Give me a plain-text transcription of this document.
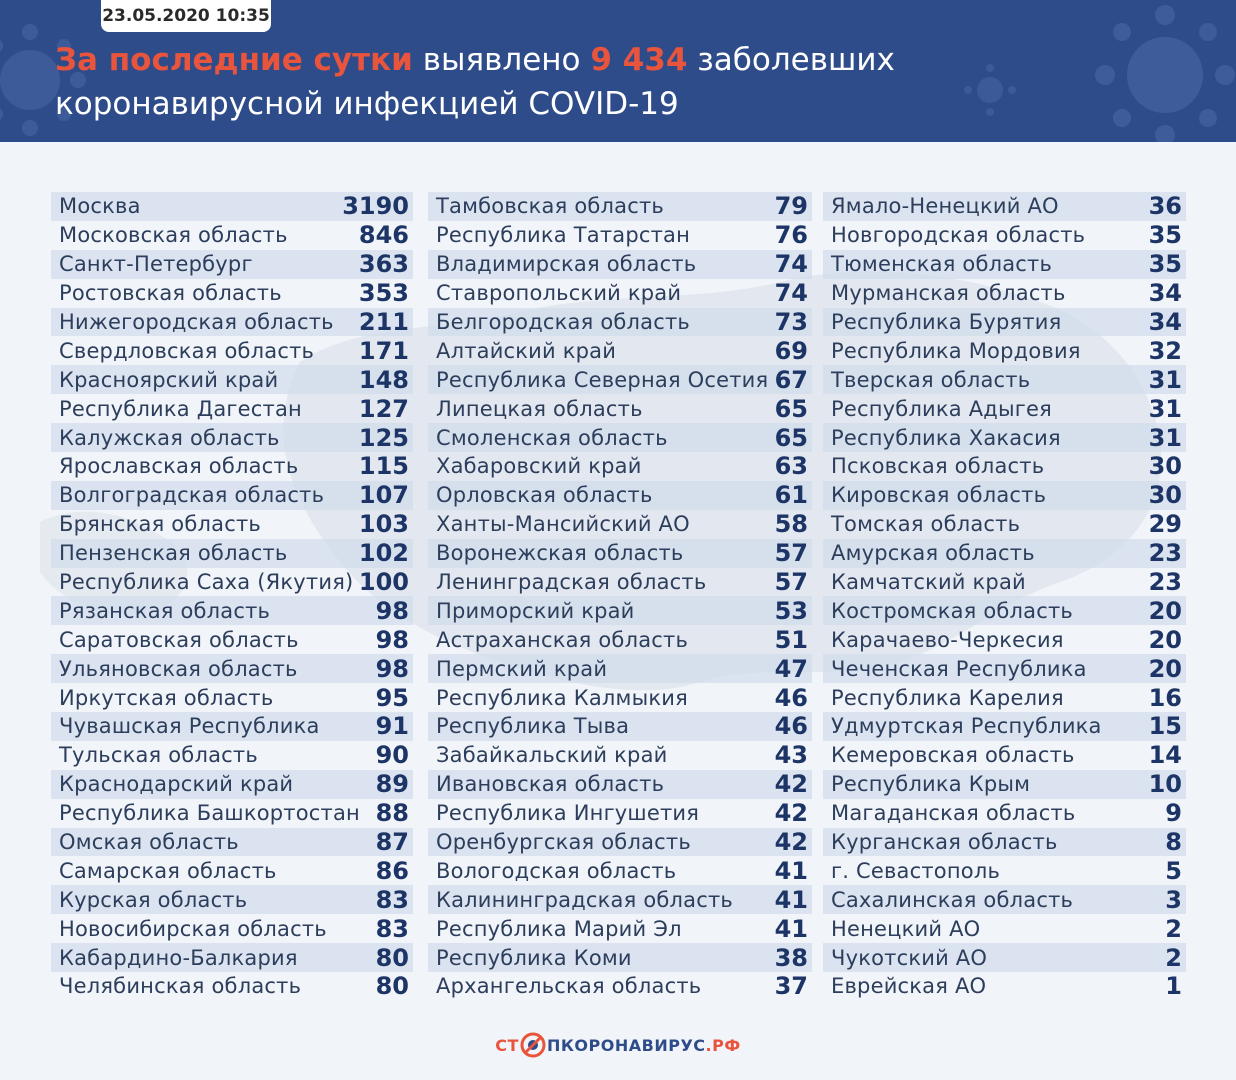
23.05.2020 10:35
За последние сутки выявлено 9 434 заболевших
коронавирусной инфекцией COVID-19
Москва	3190
Московская область	846
Санкт-Петербург	363
Ростовская область	353
Нижегородская область 211
Свердловская область 171
Красноярский край	148
Республика Дагестан 127
Калужская область	125
Ярославская область	115
Волгоградская область 107
Брянская область	103
Пензенская область	102
Республика Саха (Якутия) 100
Рязанская область	98
Саратовская область	98
Ульяновская область	98
Иркутская область	95
Чувашская Республика 91
Тульская область	90
Краснодарский край	89
Республика Башкортостан 88
Омская область	87
Самарская область	86
Курская область	83
Новосибирская область 83
Кабардино-Балкария	80
Челябинская область	80
Тамбовская область	79
Республика Татарстан	76
Владимирская область	74
Ставропольский край	74
Белгородская область	73
Алтайский край	69
Республика Северная Осетия 67
Липецкая область	65
Смоленская область	65
Хабаровский край	63
Орловская область	61
Ханты-Мансийский АО	58
Воронежская область	57
Ленинградская область	57
Приморский край	53
Астраханская область	51
Пермский край	47
Республика Калмыкия	46
Республика Тыва	46
Забайкальский край	43
Ивановская область	42
Республика Ингушетия	42
Оренбургская область	42
Вологодская область	41
Калининградская область 41
Республика Марий Эл	41
Республика Коми	38
Архангельская область	37
Ямало-Ненецкий АО	36
Новгородская область	35
Тюменская область	35
Мурманская область	34
Республика Бурятия	34
Республика Мордовия	32
Тверская область	31
Республика Адыгея	31
Республика Хакасия	31
Псковская область	30
Кировская область	30
Томская область	29
Амурская область	23
Камчатский край	23
Костромская область	20
Карачаево-Черкесия	20
Чеченская Республика	20
Республика Карелия	16
Удмуртская Республика 15
Кемеровская область	14
Республика Крым	10
Магаданская область	9
Курганская область	8
г. Севастополь	5
Сахалинская область	3
Ненецкий АО	2
Чукотский АО	2
Еврейская АО	1
СТ ПКОРОНАВИРУС .РФ
